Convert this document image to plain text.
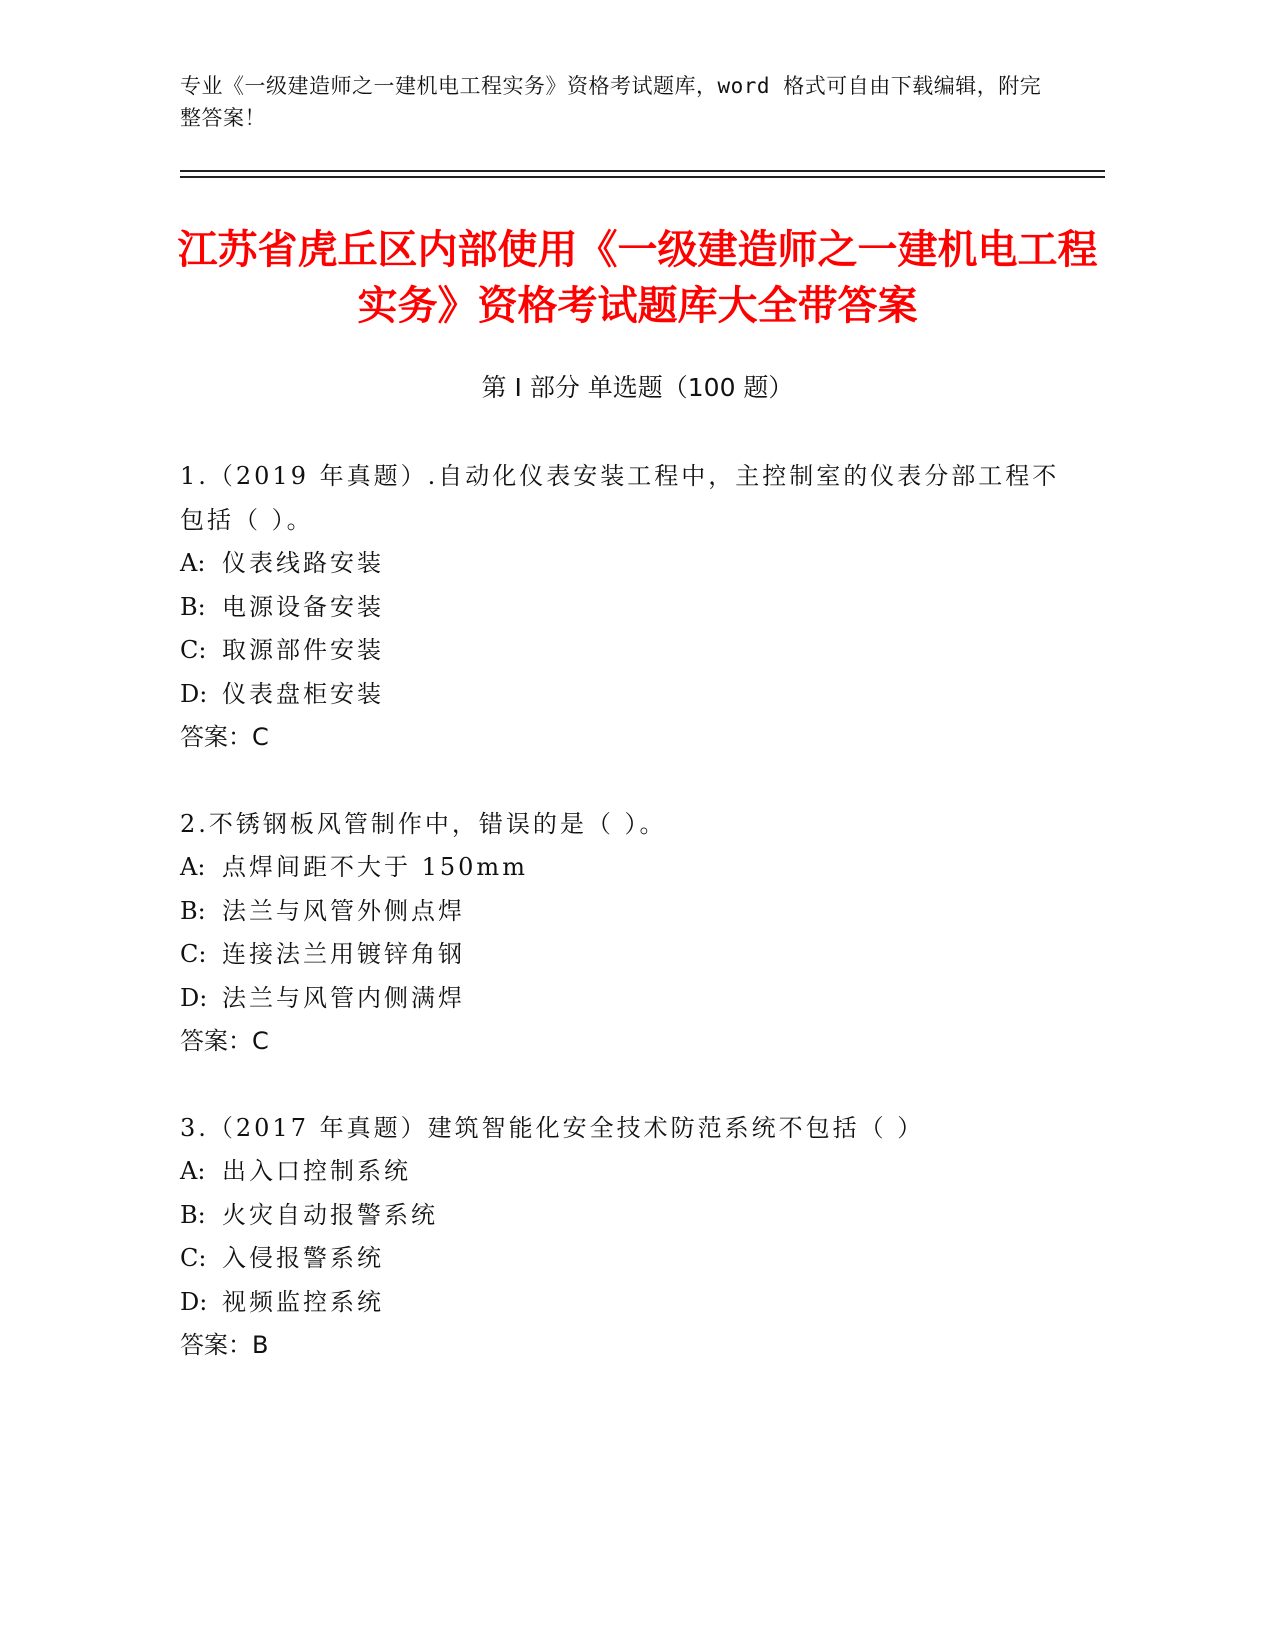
专业《一级建造师之一建机电工程实务》资格考试题库，word 格式可自由下载编辑，附完整答案！
江苏省虎丘区内部使用《一级建造师之一建机电工程实务》资格考试题库大全带答案
第 I 部分 单选题（100 题）
1.（2019 年真题）.自动化仪表安装工程中，主控制室的仪表分部工程不包括（ ）。
A: 仪表线路安装
B: 电源设备安装
C: 取源部件安装
D: 仪表盘柜安装
答案：C
2.不锈钢板风管制作中，错误的是（ ）。
A: 点焊间距不大于 150mm
B: 法兰与风管外侧点焊
C: 连接法兰用镀锌角钢
D: 法兰与风管内侧满焊
答案：C
3.（2017 年真题）建筑智能化安全技术防范系统不包括（ ）
A: 出入口控制系统
B: 火灾自动报警系统
C: 入侵报警系统
D: 视频监控系统
答案：B
